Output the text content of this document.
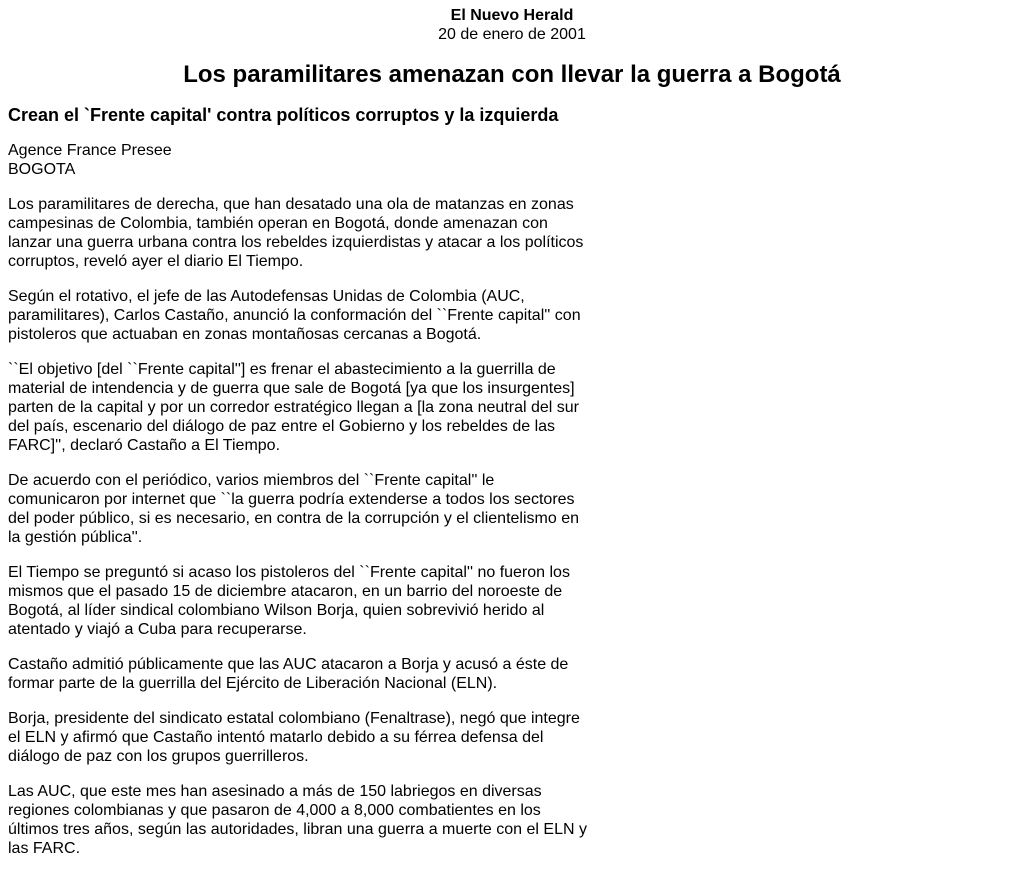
El Nuevo Herald
20 de enero de 2001
Los paramilitares amenazan con llevar la guerra a Bogotá
Crean el `Frente capital' contra políticos corruptos y la izquierda
Agence France Presee
BOGOTA

Los paramilitares de derecha, que han desatado una ola de matanzas en zonas campesinas de Colombia, también operan en Bogotá, donde amenazan con lanzar una guerra urbana contra los rebeldes izquierdistas y atacar a los políticos corruptos, reveló ayer el diario El Tiempo.

Según el rotativo, el jefe de las Autodefensas Unidas de Colombia (AUC, paramilitares), Carlos Castaño, anunció la conformación del ``Frente capital'' con pistoleros que actuaban en zonas montañosas cercanas a Bogotá.

``El objetivo [del ``Frente capital''] es frenar el abastecimiento a la guerrilla de material de intendencia y de guerra que sale de Bogotá [ya que los insurgentes] parten de la capital y por un corredor estratégico llegan a [la zona neutral del sur del país, escenario del diálogo de paz entre el Gobierno y los rebeldes de las FARC]'', declaró Castaño a El Tiempo.

De acuerdo con el periódico, varios miembros del ``Frente capital'' le comunicaron por internet que ``la guerra podría extenderse a todos los sectores del poder público, si es necesario, en contra de la corrupción y el clientelismo en la gestión pública''.

El Tiempo se preguntó si acaso los pistoleros del ``Frente capital'' no fueron los mismos que el pasado 15 de diciembre atacaron, en un barrio del noroeste de Bogotá, al líder sindical colombiano Wilson Borja, quien sobrevivió herido al atentado y viajó a Cuba para recuperarse.

Castaño admitió públicamente que las AUC atacaron a Borja y acusó a éste de formar parte de la guerrilla del Ejército de Liberación Nacional (ELN).

Borja, presidente del sindicato estatal colombiano (Fenaltrase), negó que integre el ELN y afirmó que Castaño intentó matarlo debido a su férrea defensa del diálogo de paz con los grupos guerrilleros.

Las AUC, que este mes han asesinado a más de 150 labriegos en diversas regiones colombianas y que pasaron de 4,000 a 8,000 combatientes en los últimos tres años, según las autoridades, libran una guerra a muerte con el ELN y las FARC.
